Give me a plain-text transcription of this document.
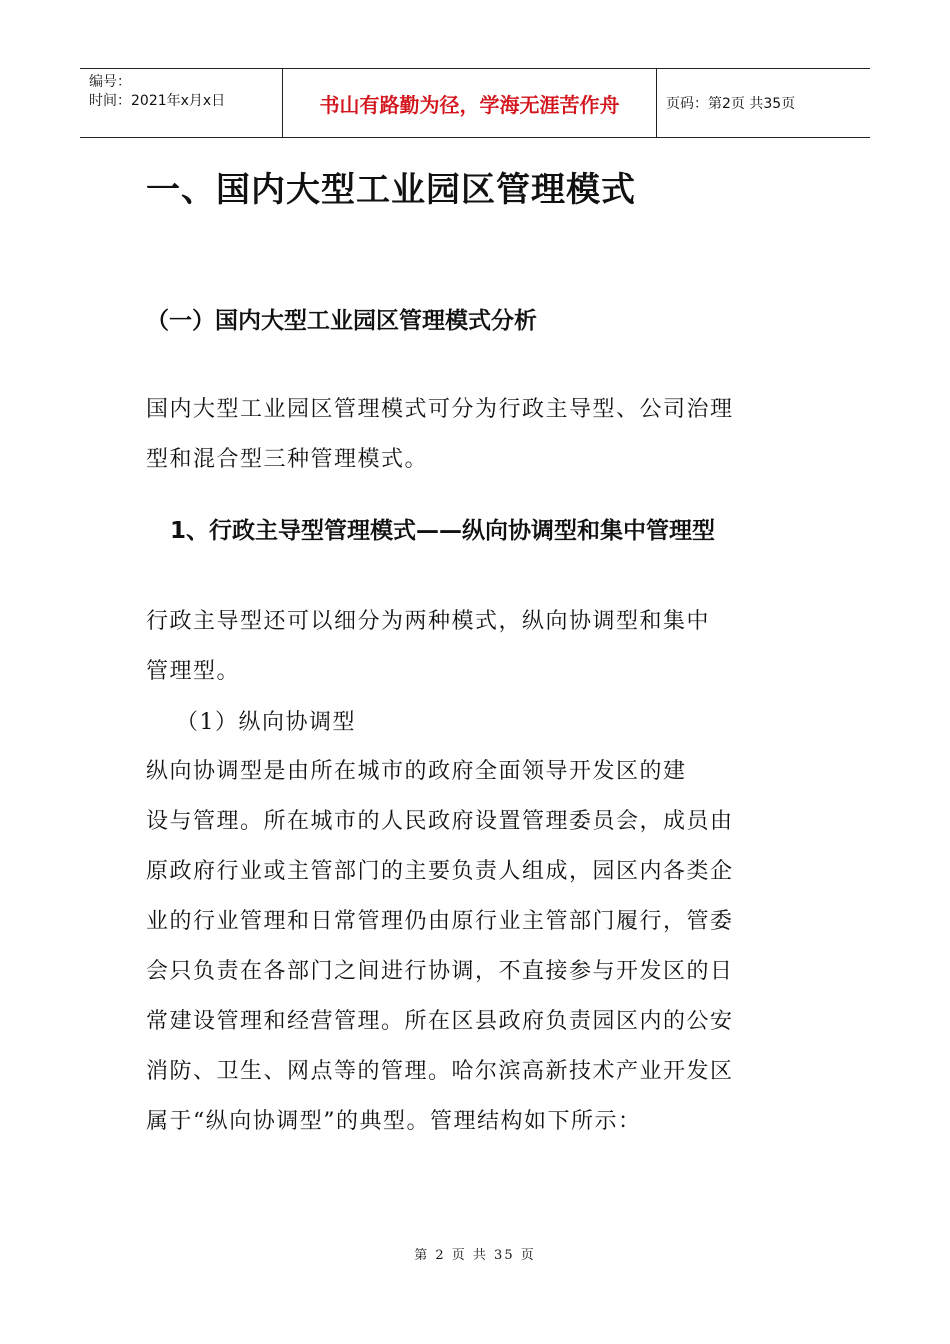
编号：
时间：2021年x月x日	书山有路勤为径，学海无涯苦作舟	页码：第2页 共35页
一、国内大型工业园区管理模式
（一）国内大型工业园区管理模式分析
国内大型工业园区管理模式可分为行政主导型、公司治理
型和混合型三种管理模式。
1、行政主导型管理模式——纵向协调型和集中管理型
行政主导型还可以细分为两种模式，纵向协调型和集中
管理型。
（1）纵向协调型
纵向协调型是由所在城市的政府全面领导开发区的建
设与管理。所在城市的人民政府设置管理委员会，成员由
原政府行业或主管部门的主要负责人组成，园区内各类企
业的行业管理和日常管理仍由原行业主管部门履行，管委
会只负责在各部门之间进行协调，不直接参与开发区的日
常建设管理和经营管理。所在区县政府负责园区内的公安
消防、卫生、网点等的管理。哈尔滨高新技术产业开发区
属于“纵向协调型”的典型。管理结构如下所示：
第 2 页 共 35 页
